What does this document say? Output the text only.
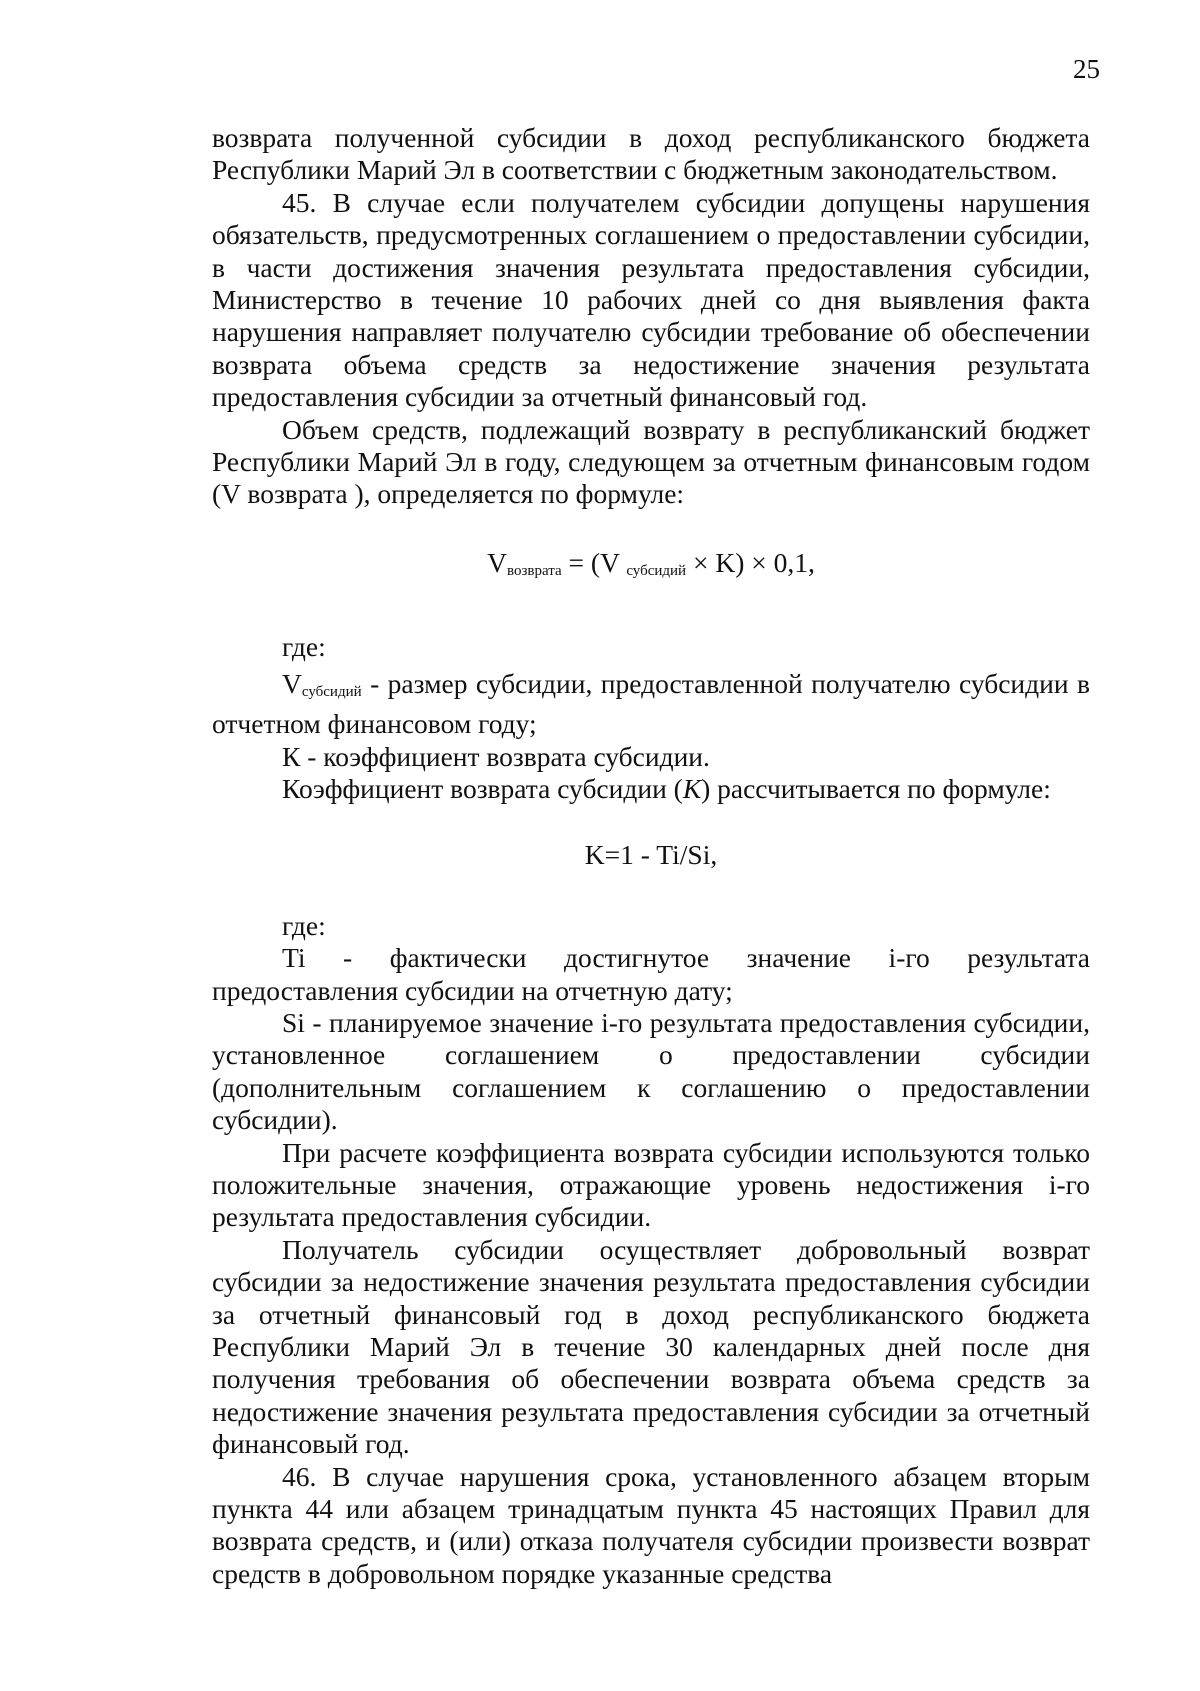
25

возврата полученной субсидии в доход республиканского бюджета Республики Марий Эл в соответствии с бюджетным законодательством.

45. В случае если получателем субсидии допущены нарушения обязательств, предусмотренных соглашением о предоставлении субсидии, в части достижения значения результата предоставления субсидии, Министерство в течение 10 рабочих дней со дня выявления факта нарушения направляет получателю субсидии требование об обеспечении возврата объема средств за недостижение значения результата предоставления субсидии за отчетный финансовый год.

Объем средств, подлежащий возврату в республиканский бюджет Республики Марий Эл в году, следующем за отчетным финансовым годом (V возврата ), определяется по формуле:

$V_{возврата} = (V$ $_{субсидий}$ × K) × 0,1,

где:

$V_{субсидий}$ - размер субсидии, предоставленной получателю субсидии в отчетном финансовом году;

К - коэффициент возврата субсидии.

Коэффициент возврата субсидии (К) рассчитывается по формуле:

K=1 - Ti/Si,

где:

Ti - фактически достигнутое значение i-го результата предоставления субсидии на отчетную дату;

Si - планируемое значение i-го результата предоставления субсидии, установленное соглашением о предоставлении субсидии (дополнительным соглашением к соглашению о предоставлении субсидии).

При расчете коэффициента возврата субсидии используются только положительные значения, отражающие уровень недостижения i-го результата предоставления субсидии.

Получатель субсидии осуществляет добровольный возврат субсидии за недостижение значения результата предоставления субсидии за отчетный финансовый год в доход республиканского бюджета Республики Марий Эл в течение 30 календарных дней после дня получения требования об обеспечении возврата объема средств за недостижение значения результата предоставления субсидии за отчетный финансовый год.

46. В случае нарушения срока, установленного абзацем вторым пункта 44 или абзацем тринадцатым пункта 45 настоящих Правил для возврата средств, и (или) отказа получателя субсидии произвести возврат средств в добровольном порядке указанные средства
